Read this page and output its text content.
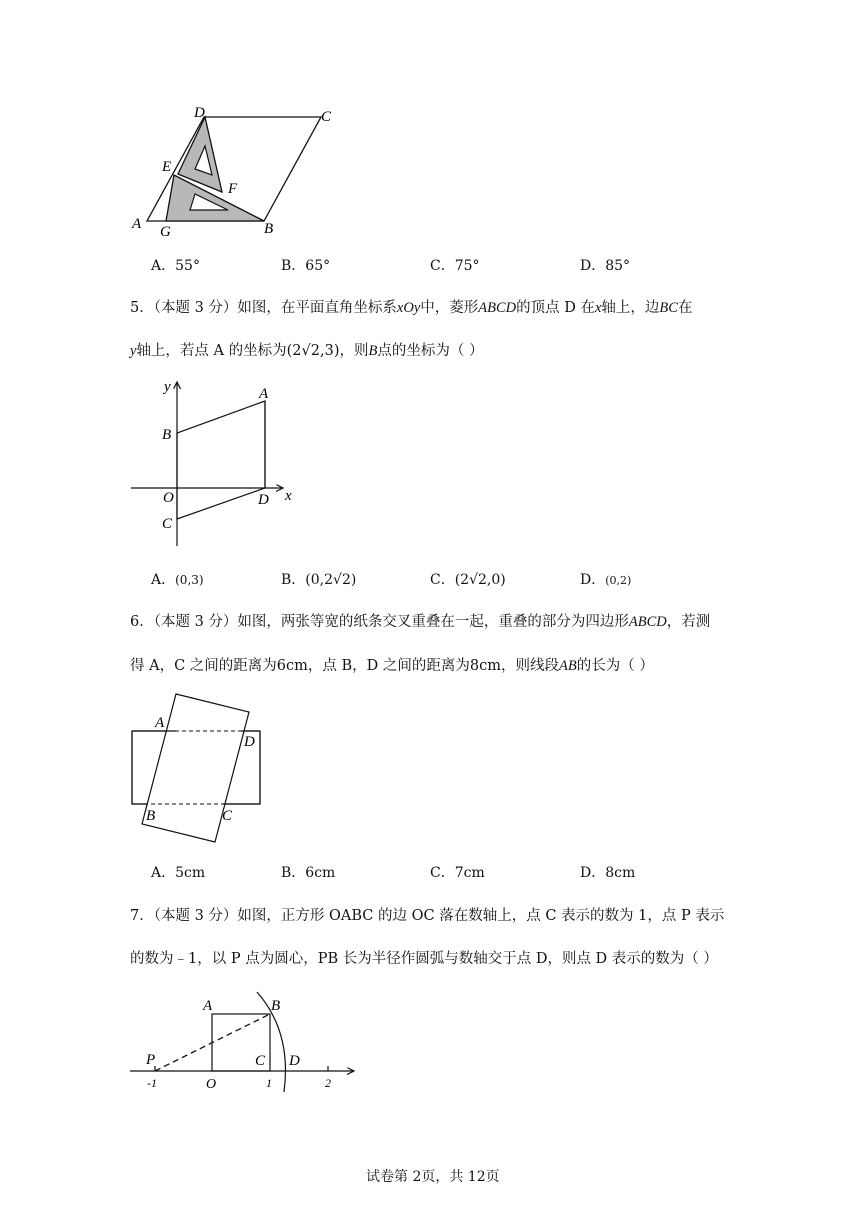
D	C
E
F
A G	B
A．55°	B．65°	C．75°	D．85°
5．（本题 3 分）如图，在平面直角坐标系xOy中，菱形ABCD的顶点 D 在x轴上，边BC在
y轴上，若点 A 的坐标为(2√2,3)，则B点的坐标为（ ）
y	A
B
O	D x
C
A．(0,3)	B．(0,2√2)	C．(2√2,0)	D．(0,2)
6．（本题 3 分）如图，两张等宽的纸条交叉重叠在一起，重叠的部分为四边形ABCD，若测
得 A，C 之间的距离为6cm，点 B，D 之间的距离为8cm，则线段AB的长为（ ）
A
D
B	C
A．5cm	B．6cm	C．7cm	D．8cm
7．（本题 3 分）如图，正方形 OABC 的边 OC 落在数轴上，点 C 表示的数为 1，点 P 表示
的数为﹣1，以 P 点为圆心，PB 长为半径作圆弧与数轴交于点 D，则点 D 表示的数为（ ）
A	B
P	C D
-1	O	1	2
试卷第 2页，共 12页
